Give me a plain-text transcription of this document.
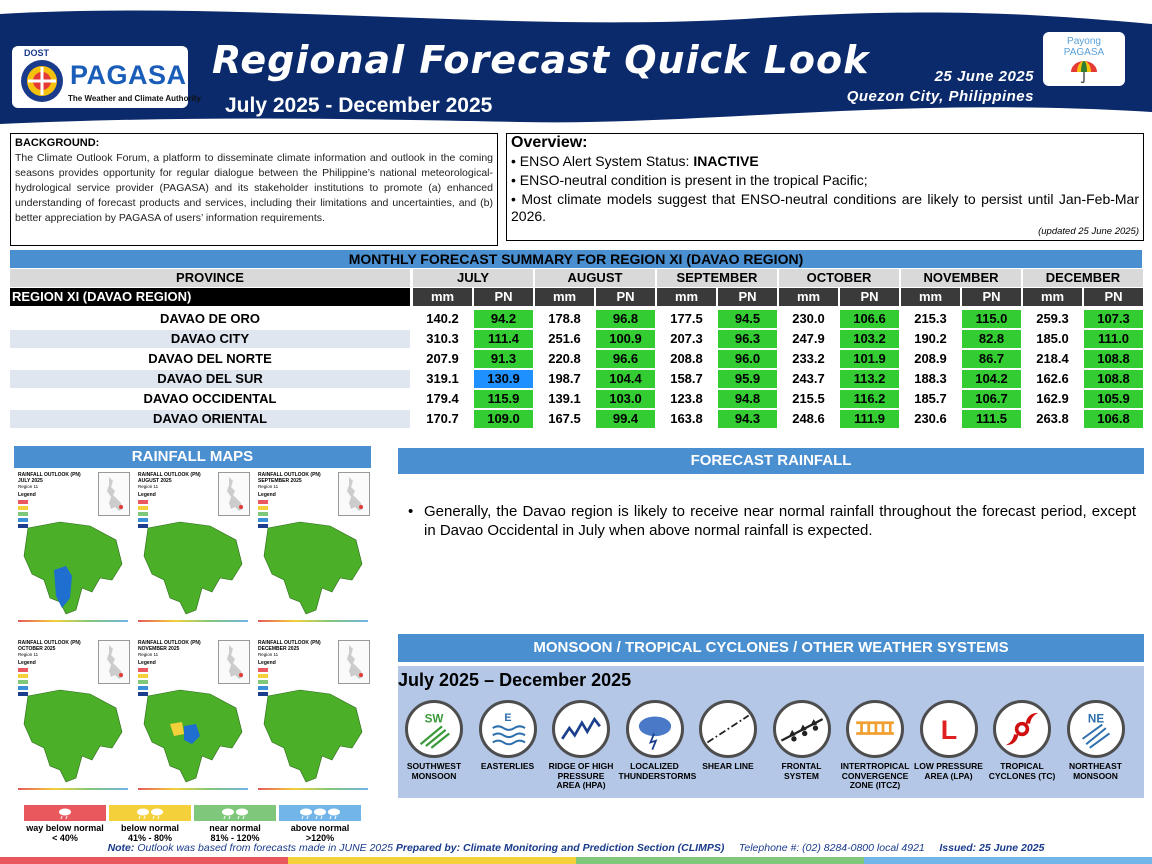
DOST
PAGASA
The Weather and Climate Authority
Regional Forecast Quick Look
July 2025 - December 2025
25 June 2025
Quezon City, Philippines
Payong
PAGASA
BACKGROUND:
The Climate Outlook Forum, a platform to disseminate climate information and outlook in the coming seasons provides opportunity for regular dialogue between the Philippine’s national meteorological-hydrological service provider (PAGASA) and its stakeholder institutions to promote (a) enhanced understanding of forecast products and services, including their limitations and uncertainties, and (b) better appreciation by PAGASA of users’ information requirements.
Overview:
• ENSO Alert System Status: INACTIVE
• ENSO-neutral condition is present in the tropical Pacific;
• Most climate models suggest that ENSO-neutral conditions are likely to persist until Jan-Feb-Mar 2026.
(updated 25 June 2025)
MONTHLY FORECAST SUMMARY FOR REGION XI (DAVAO REGION)
PROVINCE	JULY	AUGUST	SEPTEMBER	OCTOBER	NOVEMBER	DECEMBER
REGION XI (DAVAO REGION)	mm	PN	mm	PN	mm	PN	mm	PN	mm	PN	mm	PN
DAVAO DE ORO	140.2	94.2	178.8	96.8	177.5	94.5	230.0	106.6	215.3	115.0	259.3	107.3
DAVAO CITY	310.3	111.4	251.6	100.9	207.3	96.3	247.9	103.2	190.2	82.8	185.0	111.0
DAVAO DEL NORTE	207.9	91.3	220.8	96.6	208.8	96.0	233.2	101.9	208.9	86.7	218.4	108.8
DAVAO DEL SUR	319.1	130.9	198.7	104.4	158.7	95.9	243.7	113.2	188.3	104.2	162.6	108.8
DAVAO OCCIDENTAL	179.4	115.9	139.1	103.0	123.8	94.8	215.5	116.2	185.7	106.7	162.9	105.9
DAVAO ORIENTAL	170.7	109.0	167.5	99.4	163.8	94.3	248.6	111.9	230.6	111.5	263.8	106.8
RAINFALL MAPS
RAINFALL OUTLOOK (PN)
JULY 2025
Region 11
Legend
RAINFALL OUTLOOK (PN)
AUGUST 2025
Region 11
Legend
RAINFALL OUTLOOK (PN)
SEPTEMBER 2025
Region 11
Legend
RAINFALL OUTLOOK (PN)
OCTOBER 2025
Region 11
Legend
RAINFALL OUTLOOK (PN)
NOVEMBER 2025
Region 11
Legend
RAINFALL OUTLOOK (PN)
DECEMBER 2025
Region 11
Legend
way below normal
< 40%
below normal
41% - 80%
near normal
81% - 120%
above normal
>120%
FORECAST RAINFALL
• Generally, the Davao region is likely to receive near normal rainfall throughout the forecast period, except in Davao Occidental in July when above normal rainfall is expected.
MONSOON / TROPICAL CYCLONES / OTHER WEATHER SYSTEMS
July 2025 – December 2025
SW
SOUTHWEST MONSOON
E
EASTERLIES	RIDGE OF HIGH PRESSURE AREA (HPA)
LOCALIZED THUNDERSTORMS
SHEAR LINE	FRONTAL SYSTEM
INTERTROPICAL CONVERGENCE ZONE (ITCZ)
L
LOW PRESSURE AREA (LPA)
TROPICAL CYCLONES (TC)
NE
NORTHEAST MONSOON
Note: Outlook was based from forecasts made in JUNE 2025 Prepared by: Climate Monitoring and Prediction Section (CLIMPS) Telephone #: (02) 8284-0800 local 4921 Issued: 25 June 2025
